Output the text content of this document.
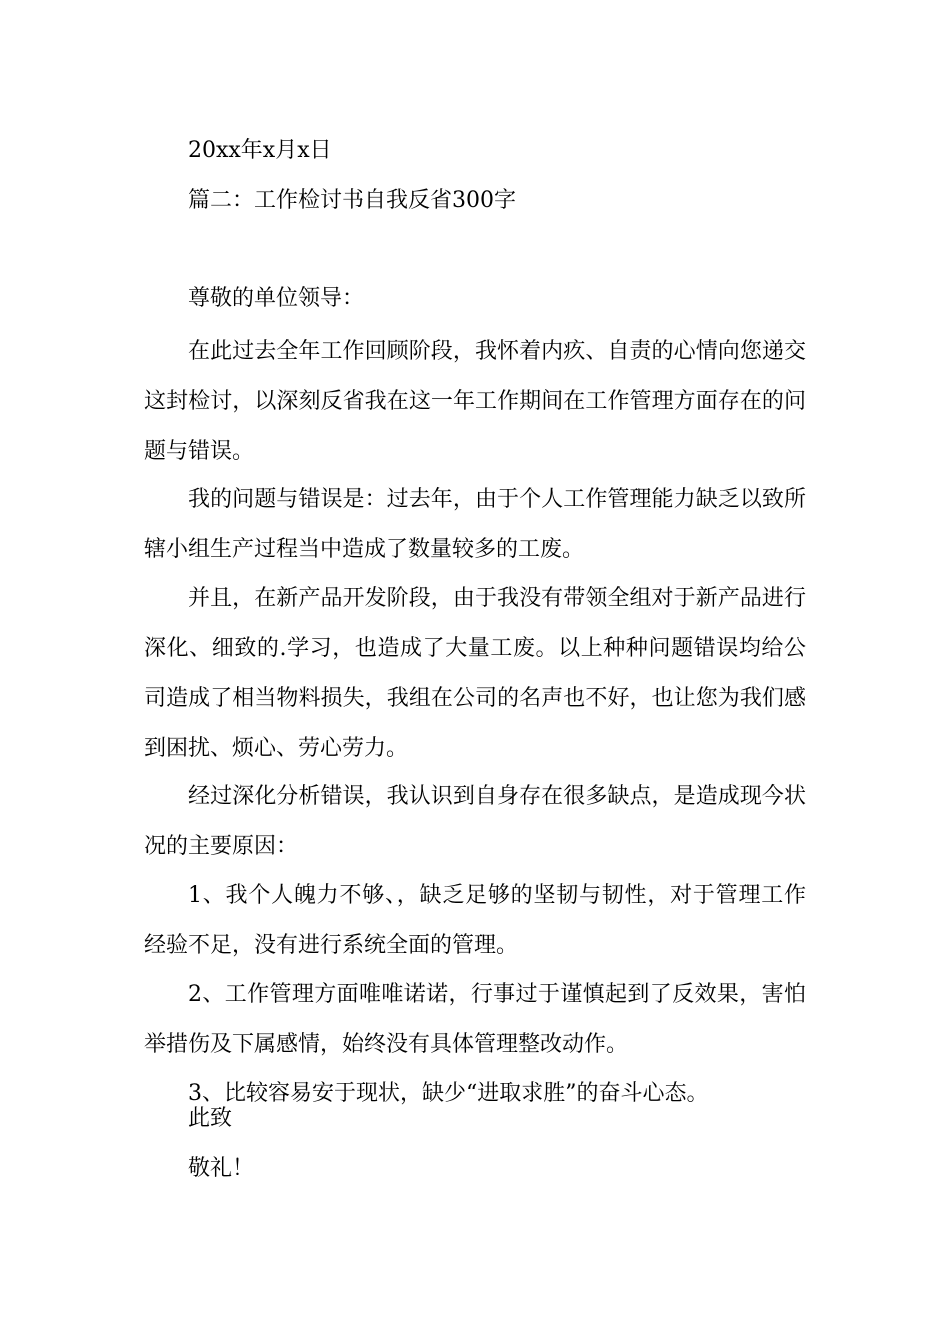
20xx年x月x日

篇二：工作检讨书自我反省300字

尊敬的单位领导：

在此过去全年工作回顾阶段，我怀着内疚、自责的心情向您递交这封检讨，以深刻反省我在这一年工作期间在工作管理方面存在的问题与错误。

我的问题与错误是：过去年，由于个人工作管理能力缺乏以致所辖小组生产过程当中造成了数量较多的工废。

并且，在新产品开发阶段，由于我没有带领全组对于新产品进行深化、细致的.学习，也造成了大量工废。以上种种问题错误均给公司造成了相当物料损失，我组在公司的名声也不好，也让您为我们感到困扰、烦心、劳心劳力。

经过深化分析错误，我认识到自身存在很多缺点，是造成现今状况的主要原因：

1、我个人魄力不够、，缺乏足够的坚韧与韧性，对于管理工作经验不足，没有进行系统全面的管理。

2、工作管理方面唯唯诺诺，行事过于谨慎起到了反效果，害怕举措伤及下属感情，始终没有具体管理整改动作。

3、比较容易安于现状，缺少“进取求胜”的奋斗心态。

此致

敬礼！
